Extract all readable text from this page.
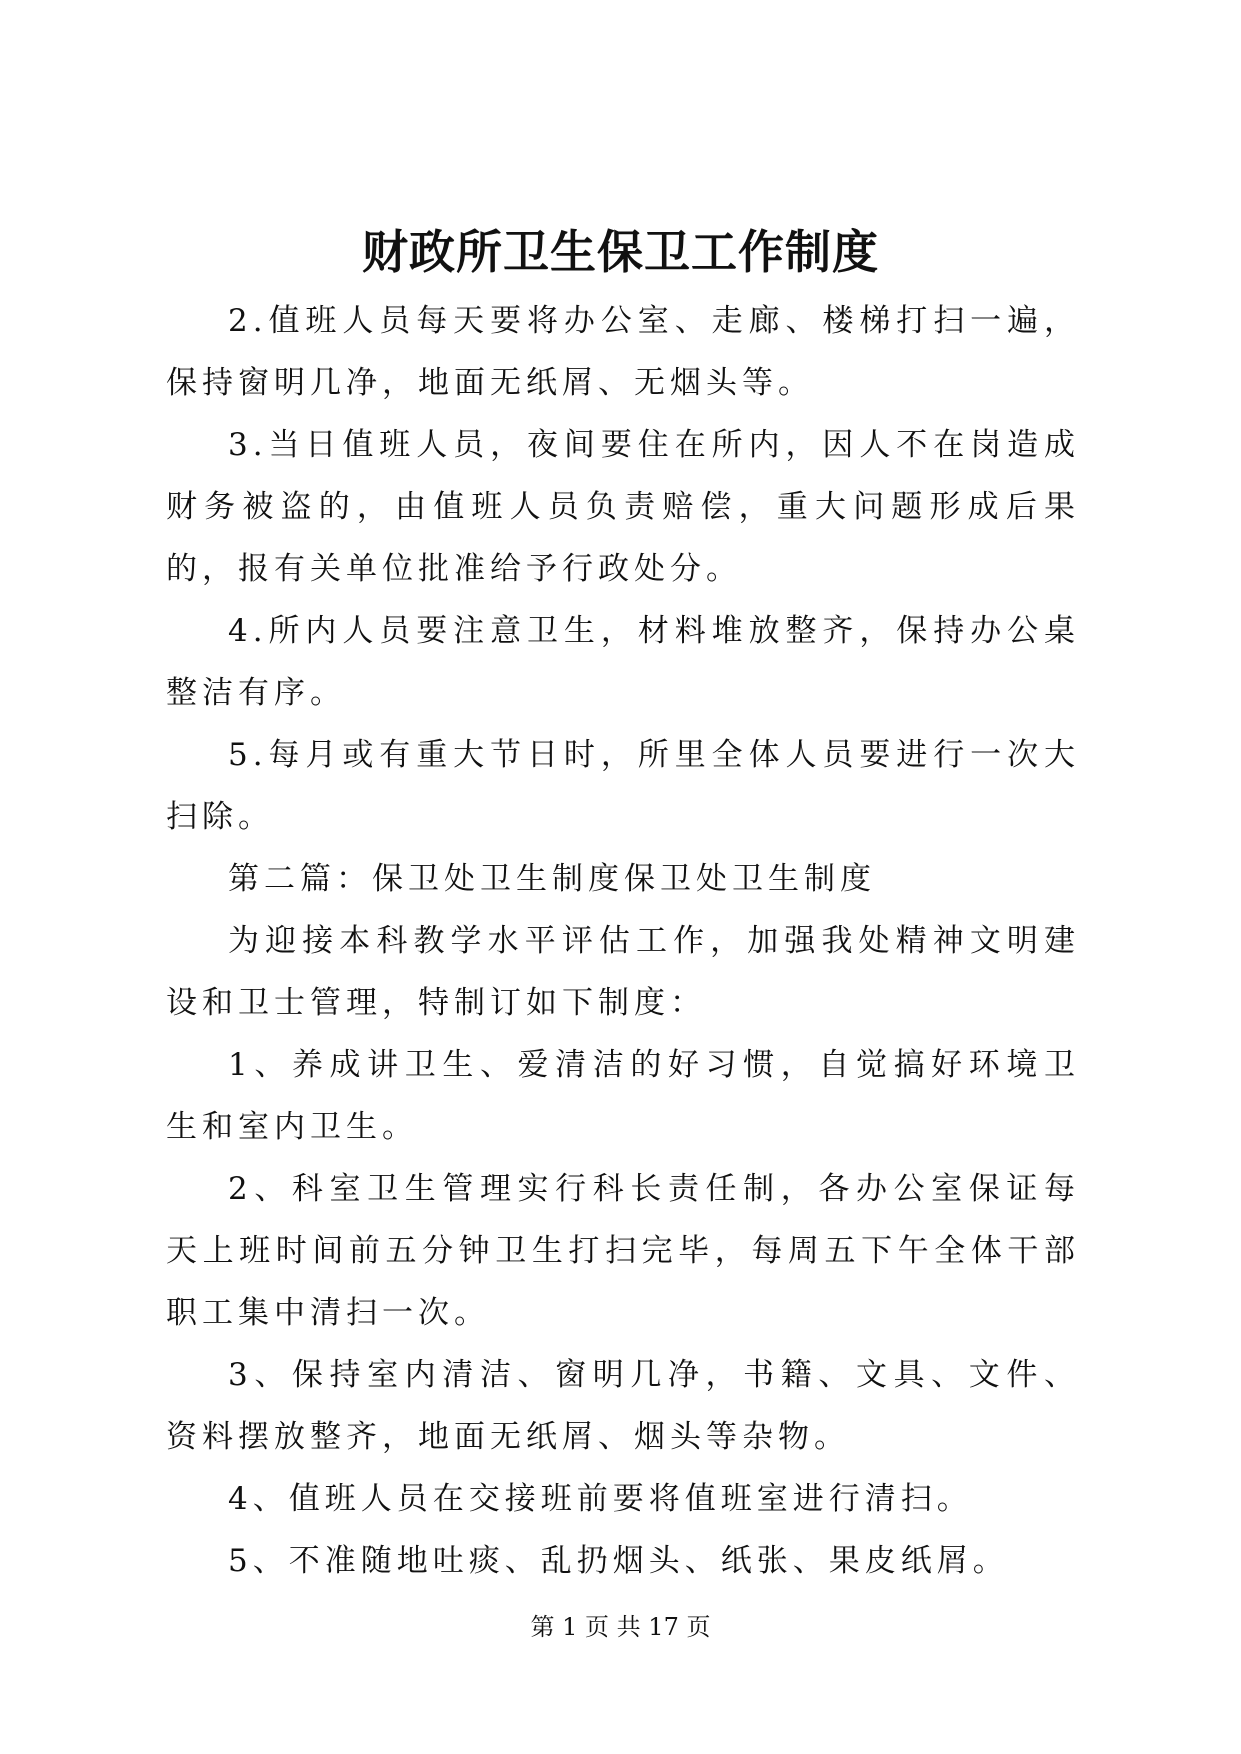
财政所卫生保卫工作制度

2.值班人员每天要将办公室、走廊、楼梯打扫一遍，保持窗明几净，地面无纸屑、无烟头等。

3.当日值班人员，夜间要住在所内，因人不在岗造成财务被盗的，由值班人员负责赔偿，重大问题形成后果的，报有关单位批准给予行政处分。

4.所内人员要注意卫生，材料堆放整齐，保持办公桌整洁有序。

5.每月或有重大节日时，所里全体人员要进行一次大扫除。

第二篇：保卫处卫生制度保卫处卫生制度

为迎接本科教学水平评估工作，加强我处精神文明建设和卫士管理，特制订如下制度：

1、养成讲卫生、爱清洁的好习惯，自觉搞好环境卫生和室内卫生。

2、科室卫生管理实行科长责任制，各办公室保证每天上班时间前五分钟卫生打扫完毕，每周五下午全体干部职工集中清扫一次。

3、保持室内清洁、窗明几净，书籍、文具、文件、资料摆放整齐，地面无纸屑、烟头等杂物。

4、值班人员在交接班前要将值班室进行清扫。

5、不准随地吐痰、乱扔烟头、纸张、果皮纸屑。

第 1 页 共 17 页
